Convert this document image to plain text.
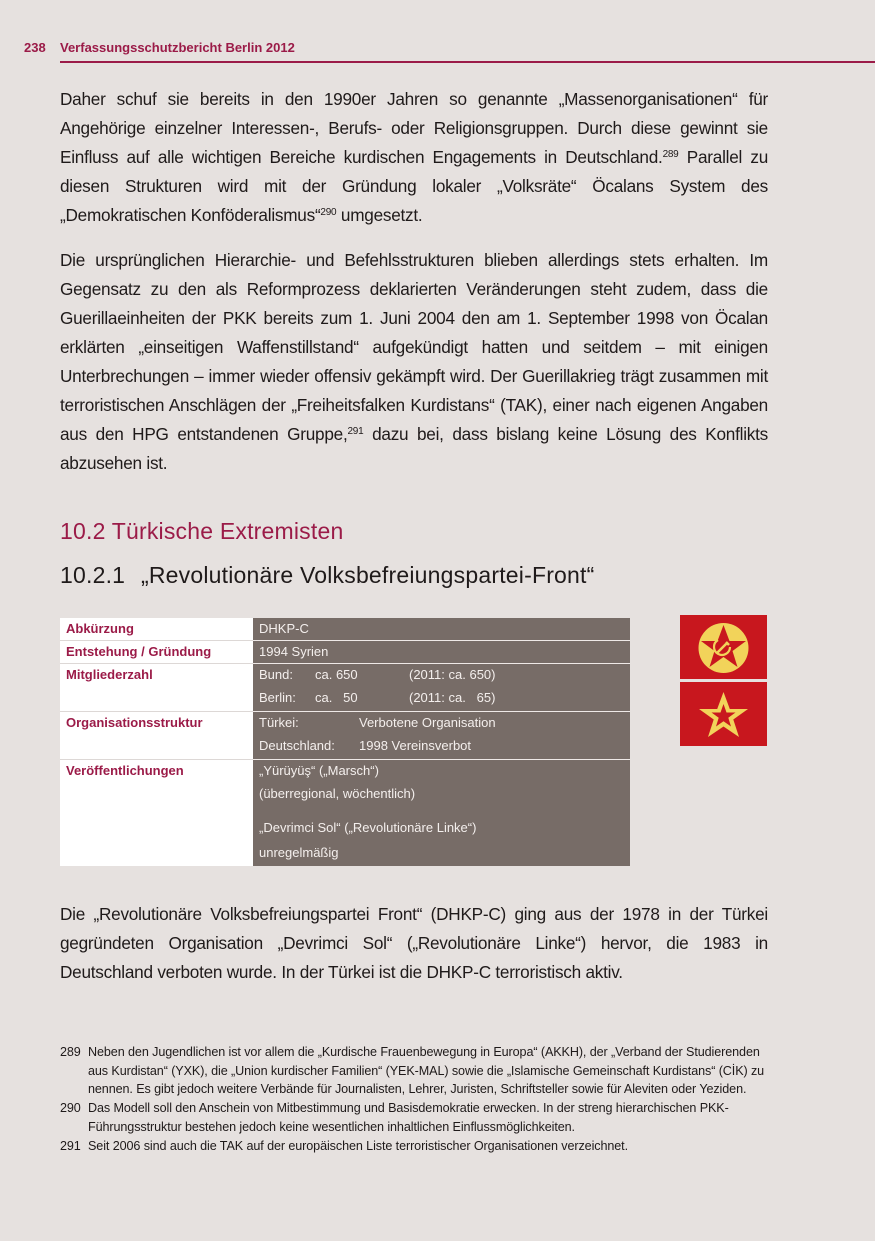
238 Verfassungsschutzbericht Berlin 2012
Daher schuf sie bereits in den 1990er Jahren so genannte „Massenorganisationen“ für Angehörige einzelner Interessen-, Berufs- oder Religionsgruppen. Durch diese gewinnt sie Einfluss auf alle wichtigen Bereiche kurdischen Engagements in Deutschland.$^{289}$ Parallel zu diesen Strukturen wird mit der Gründung lokaler „Volksräte“ Öcalans System des „Demokratischen Konföderalismus“$^{290}$ umgesetzt.
Die ursprünglichen Hierarchie- und Befehlsstrukturen blieben allerdings stets erhalten. Im Gegensatz zu den als Reformprozess deklarierten Veränderungen steht zudem, dass die Guerillaeinheiten der PKK bereits zum 1. Juni 2004 den am 1. September 1998 von Öcalan erklärten „einseitigen Waffenstillstand“ aufgekündigt hatten und seitdem – mit einigen Unterbrechungen – immer wieder offensiv gekämpft wird. Der Guerillakrieg trägt zusammen mit terroristischen Anschlägen der „Freiheitsfalken Kurdistans“ (TAK), einer nach eigenen Angaben aus den HPG entstandenen Gruppe,$^{291}$ dazu bei, dass bislang keine Lösung des Konflikts abzusehen ist.
10.2 Türkische Extremisten
10.2.1 „Revolutionäre Volksbefreiungspartei-Front“
Abkürzung	DHKP-C

Entstehung / Gründung	1994 Syrien

Mitgliederzahl	Bund: ca. 650 (2011: ca. 650)
Berlin: ca.   50 (2011: ca.   65)

Organisationsstruktur	Türkei: Verbotene Organisation
Deutschland: 1998 Vereinsverbot

Veröffentlichungen	„Yürüyüş“ („Marsch“)
(überregional, wöchentlich)
„Devrimci Sol“ („Revolutionäre Linke“)
unregelmäßig
Die „Revolutionäre Volksbefreiungspartei Front“ (DHKP-C) ging aus der 1978 in der Türkei gegründeten Organisation „Devrimci Sol“ („Revolutionäre Linke“) hervor, die 1983 in Deutschland verboten wurde. In der Türkei ist die DHKP-C terroristisch aktiv.
289 Neben den Jugendlichen ist vor allem die „Kurdische Frauenbewegung in Europa“ (AKKH), der „Verband der Studierenden aus Kurdistan“ (YXK), die „Union kurdischer Familien“ (YEK-MAL) sowie die „Islamische Gemeinschaft Kurdistans“ (CİK) zu nennen. Es gibt jedoch weitere Verbände für Journalisten, Lehrer, Juristen, Schriftsteller sowie für Aleviten oder Yeziden.
290 Das Modell soll den Anschein von Mitbestimmung und Basisdemokratie erwecken. In der streng hierarchischen PKK-Führungsstruktur bestehen jedoch keine wesentlichen inhaltlichen Einflussmöglichkeiten.
291 Seit 2006 sind auch die TAK auf der europäischen Liste terroristischer Organisationen verzeichnet.
